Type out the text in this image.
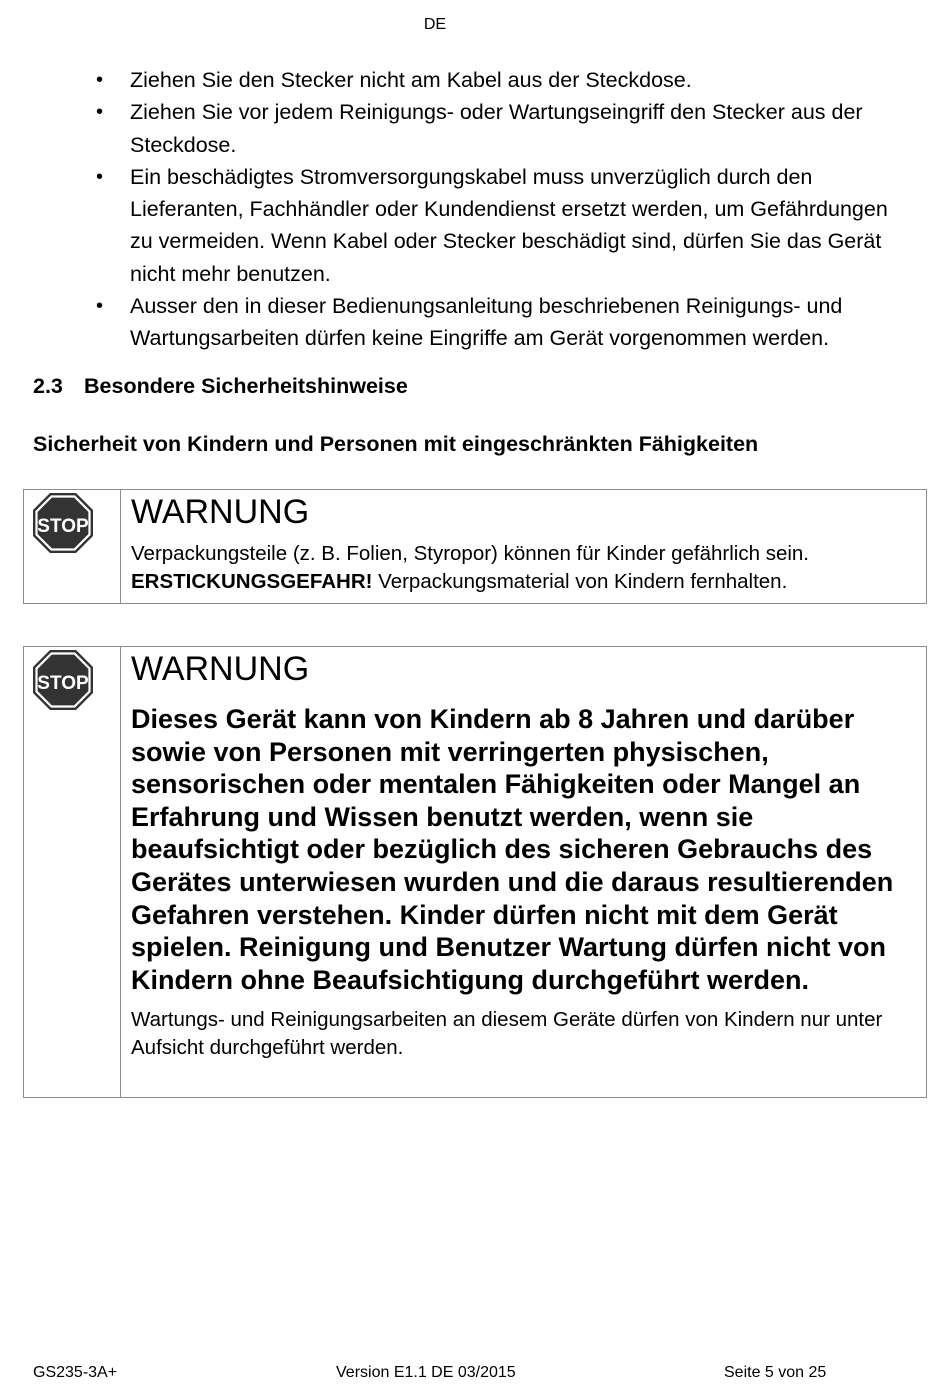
DE
• Ziehen Sie den Stecker nicht am Kabel aus der Steckdose.
• Ziehen Sie vor jedem Reinigungs- oder Wartungseingriff den Stecker aus der Steckdose.
• Ein beschädigtes Stromversorgungskabel muss unverzüglich durch den Lieferanten, Fachhändler oder Kundendienst ersetzt werden, um Gefährdungen zu vermeiden. Wenn Kabel oder Stecker beschädigt sind, dürfen Sie das Gerät nicht mehr benutzen.
• Ausser den in dieser Bedienungsanleitung beschriebenen Reinigungs- und Wartungsarbeiten dürfen keine Eingriffe am Gerät vorgenommen werden.
2.3 Besondere Sicherheitshinweise
Sicherheit von Kindern und Personen mit eingeschränkten Fähigkeiten
STOP WARNUNG
Verpackungsteile (z. B. Folien, Styropor) können für Kinder gefährlich sein.
ERSTICKUNGSGEFAHR! Verpackungsmaterial von Kindern fernhalten.
STOP WARNUNG
Dieses Gerät kann von Kindern ab 8 Jahren und darüber sowie von Personen mit verringerten physischen, sensorischen oder mentalen Fähigkeiten oder Mangel an Erfahrung und Wissen benutzt werden, wenn sie beaufsichtigt oder bezüglich des sicheren Gebrauchs des Gerätes unterwiesen wurden und die daraus resultierenden Gefahren verstehen. Kinder dürfen nicht mit dem Gerät spielen. Reinigung und Benutzer Wartung dürfen nicht von Kindern ohne Beaufsichtigung durchgeführt werden.
Wartungs- und Reinigungsarbeiten an diesem Geräte dürfen von Kindern nur unter Aufsicht durchgeführt werden.
GS235-3A+	Version E1.1 DE 03/2015	Seite 5 von 25
